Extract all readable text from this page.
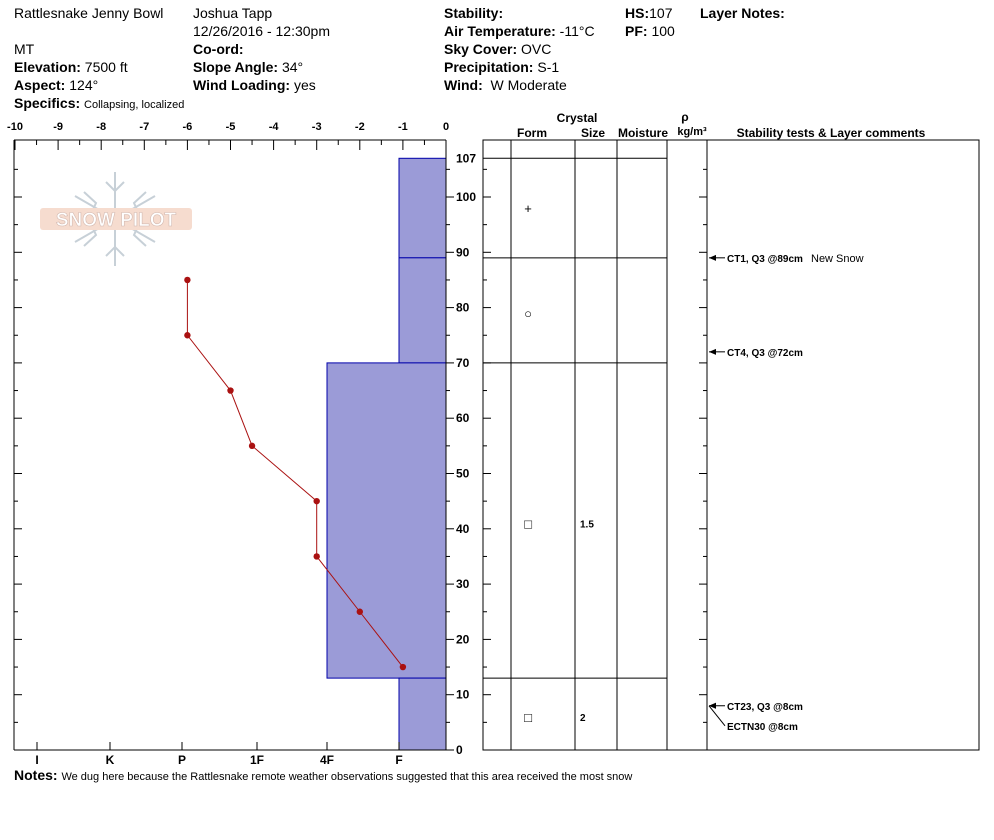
Rattlesnake Jenny Bowl
MT
Elevation: 7500 ft
Aspect: 124°
Specifics: Collapsing, localized
Joshua Tapp
12/26/2016 - 12:30pm
Co-ord:
Slope Angle: 34°
Wind Loading: yes
Stability:
Air Temperature: -11°C
Sky Cover: OVC
Precipitation: S-1
Wind: W Moderate
HS:107
PF: 100
Layer Notes:
SNOW PILOT
-10	-9	-8	-7	-6	-5	-4	-3	-2	-1	0
107
100
90
80
70
60
50
40
30
20
10
0
I	K	P	1F	4F	F
+
○
□	1.5
□	2
CT1, Q3 @89cm New Snow
CT4, Q3 @72cm
CT23, Q3 @8cm
ECTN30 @8cm
Crystal
Form	Size Moisture
ρ
kg/m³ Stability tests & Layer comments
Notes: We dug here because the Rattlesnake remote weather observations suggested that this area received the most snow
